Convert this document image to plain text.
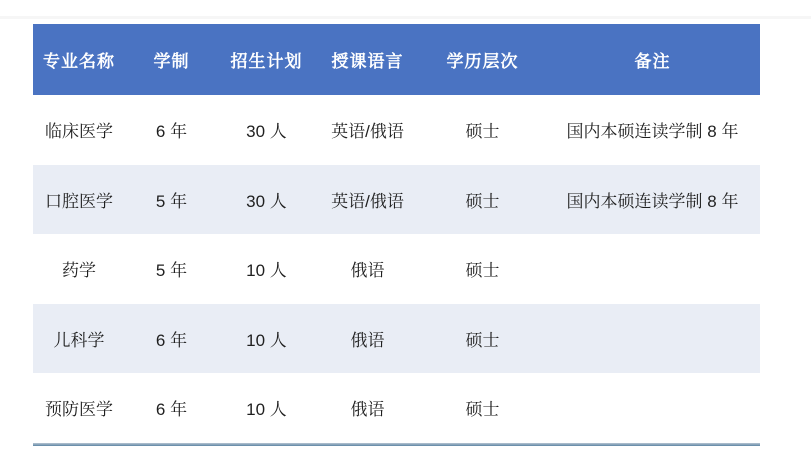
专业名称	学制	招生计划	授课语言	学历层次	备注
临床医学	6 年	30 人	英语/俄语	硕士	国内本硕连读学制 8 年
口腔医学	5 年	30 人	英语/俄语	硕士	国内本硕连读学制 8 年
药学	5 年	10 人	俄语	硕士	
儿科学	6 年	10 人	俄语	硕士	
预防医学	6 年	10 人	俄语	硕士	
